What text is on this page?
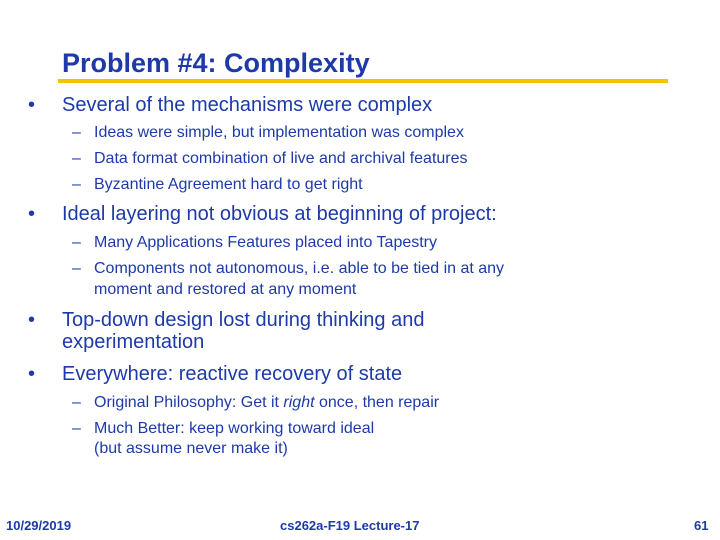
Problem #4: Complexity
• Several of the mechanisms were complex
– Ideas were simple, but implementation was complex
– Data format combination of live and archival features
– Byzantine Agreement hard to get right
• Ideal layering not obvious at beginning of project:
– Many Applications Features placed into Tapestry
– Components not autonomous, i.e. able to be tied in at any
moment and restored at any moment
• Top-down design lost during thinking and
experimentation
• Everywhere: reactive recovery of state
– Original Philosophy: Get it right once, then repair
– Much Better: keep working toward ideal
(but assume never make it)
10/29/2019	cs262a-F19 Lecture-17	61
